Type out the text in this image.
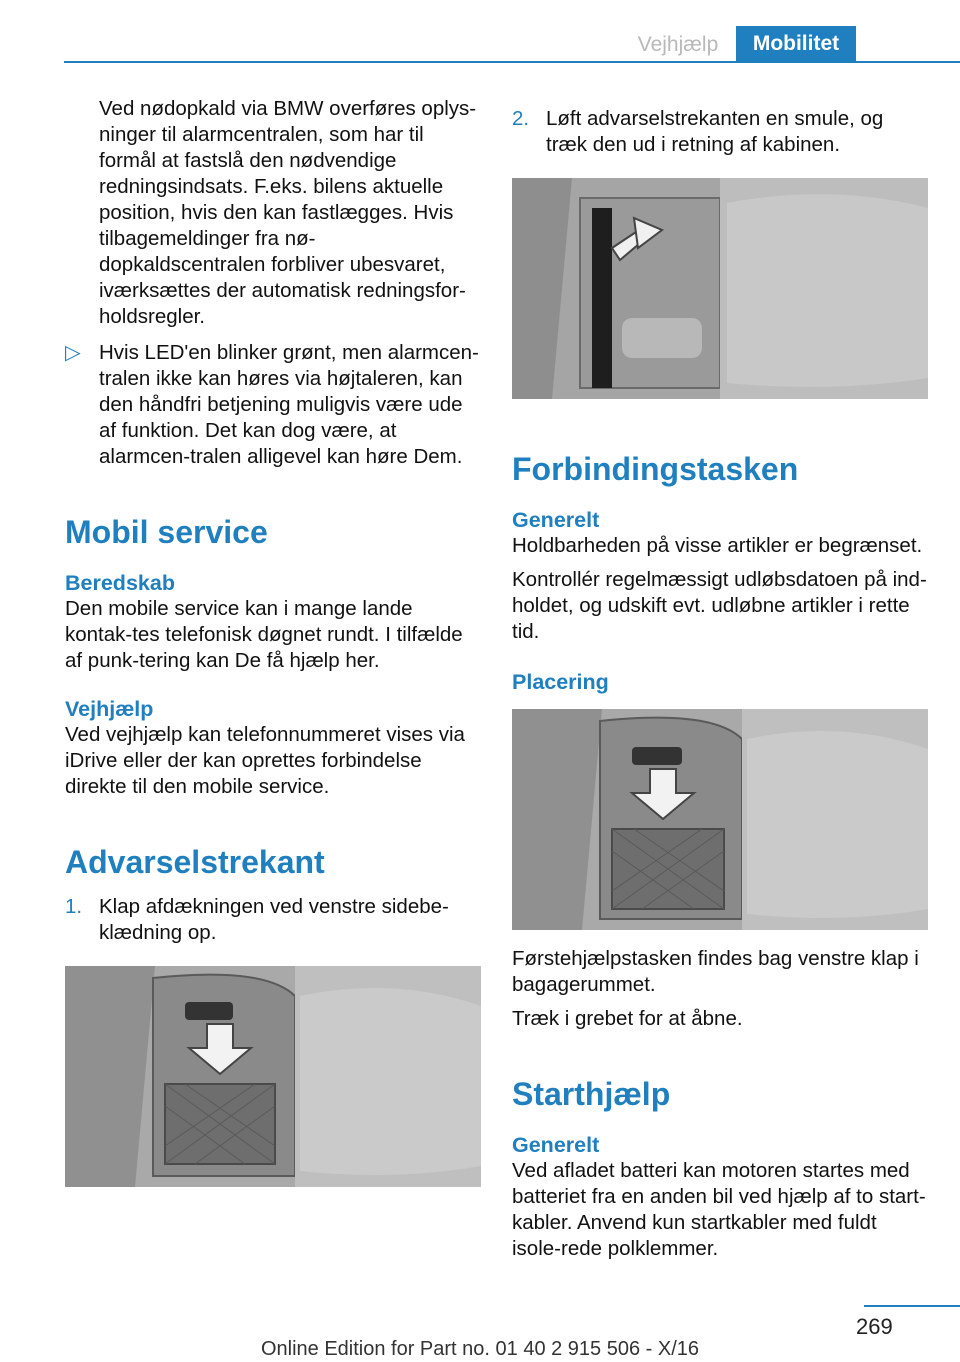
Vejhjælp	Mobilitet

Ved nødopkald via BMW overføres oplys-ninger til alarmcentralen, som har til formål at fastslå den nødvendige redningsindsats. F.eks. bilens aktuelle position, hvis den kan fastlægges. Hvis tilbagemeldinger fra nø-dopkaldscentralen forbliver ubesvaret, iværksættes der automatisk redningsfor-holdsregler.

▷ Hvis LED'en blinker grønt, men alarmcen-tralen ikke kan høres via højtaleren, kan den håndfri betjening muligvis være ude af funktion. Det kan dog være, at alarmcen-tralen alligevel kan høre Dem.
Mobil service
Beredskab

Den mobile service kan i mange lande kontak-tes telefonisk døgnet rundt. I tilfælde af punk-tering kan De få hjælp her.

Vejhjælp

Ved vejhjælp kan telefonnummeret vises via iDrive eller der kan oprettes forbindelse direkte til den mobile service.

Advarselstrekant
1. Klap afdækningen ved venstre sidebe-klædning op.
2. Løft advarselstrekanten en smule, og træk den ud i retning af kabinen.
Forbindingstasken
Generelt

Holdbarheden på visse artikler er begrænset.

Kontrollér regelmæssigt udløbsdatoen på ind-holdet, og udskift evt. udløbne artikler i rette tid.

Placering

Førstehjælpstasken findes bag venstre klap i bagagerummet.

Træk i grebet for at åbne.

Starthjælp
Generelt

Ved afladet batteri kan motoren startes med batteriet fra en anden bil ved hjælp af to start-kabler. Anvend kun startkabler med fuldt isole-rede polklemmer.

269
Online Edition for Part no. 01 40 2 915 506 - X/16
